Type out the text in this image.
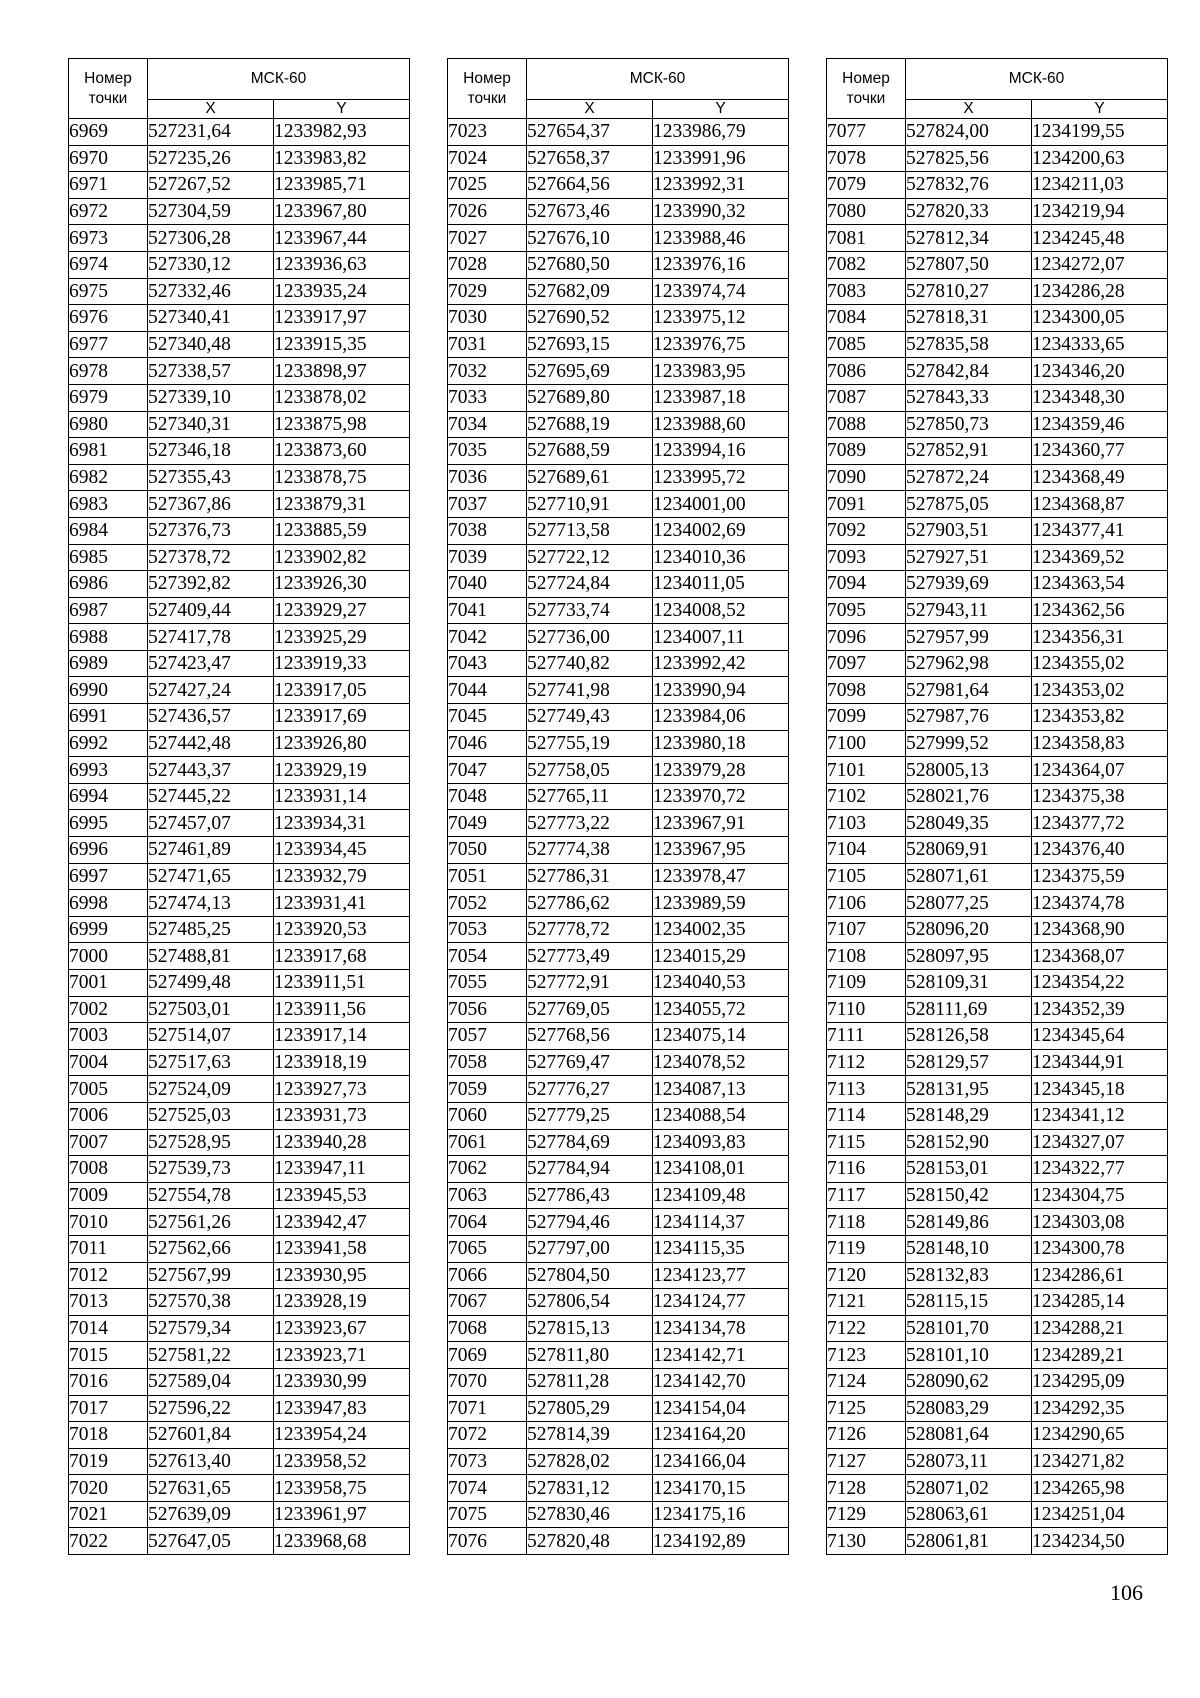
Номер точки	МСК-60	
	X	Y
6969	527231,64	1233982,93
6970	527235,26	1233983,82
6971	527267,52	1233985,71
6972	527304,59	1233967,80
6973	527306,28	1233967,44
6974	527330,12	1233936,63
6975	527332,46	1233935,24
6976	527340,41	1233917,97
6977	527340,48	1233915,35
6978	527338,57	1233898,97
6979	527339,10	1233878,02
6980	527340,31	1233875,98
6981	527346,18	1233873,60
6982	527355,43	1233878,75
6983	527367,86	1233879,31
6984	527376,73	1233885,59
6985	527378,72	1233902,82
6986	527392,82	1233926,30
6987	527409,44	1233929,27
6988	527417,78	1233925,29
6989	527423,47	1233919,33
6990	527427,24	1233917,05
6991	527436,57	1233917,69
6992	527442,48	1233926,80
6993	527443,37	1233929,19
6994	527445,22	1233931,14
6995	527457,07	1233934,31
6996	527461,89	1233934,45
6997	527471,65	1233932,79
6998	527474,13	1233931,41
6999	527485,25	1233920,53
7000	527488,81	1233917,68
7001	527499,48	1233911,51
7002	527503,01	1233911,56
7003	527514,07	1233917,14
7004	527517,63	1233918,19
7005	527524,09	1233927,73
7006	527525,03	1233931,73
7007	527528,95	1233940,28
7008	527539,73	1233947,11
7009	527554,78	1233945,53
7010	527561,26	1233942,47
7011	527562,66	1233941,58
7012	527567,99	1233930,95
7013	527570,38	1233928,19
7014	527579,34	1233923,67
7015	527581,22	1233923,71
7016	527589,04	1233930,99
7017	527596,22	1233947,83
7018	527601,84	1233954,24
7019	527613,40	1233958,52
7020	527631,65	1233958,75
7021	527639,09	1233961,97
7022	527647,05	1233968,68
Номер точки	МСК-60	
	X	Y
7023	527654,37	1233986,79
7024	527658,37	1233991,96
7025	527664,56	1233992,31
7026	527673,46	1233990,32
7027	527676,10	1233988,46
7028	527680,50	1233976,16
7029	527682,09	1233974,74
7030	527690,52	1233975,12
7031	527693,15	1233976,75
7032	527695,69	1233983,95
7033	527689,80	1233987,18
7034	527688,19	1233988,60
7035	527688,59	1233994,16
7036	527689,61	1233995,72
7037	527710,91	1234001,00
7038	527713,58	1234002,69
7039	527722,12	1234010,36
7040	527724,84	1234011,05
7041	527733,74	1234008,52
7042	527736,00	1234007,11
7043	527740,82	1233992,42
7044	527741,98	1233990,94
7045	527749,43	1233984,06
7046	527755,19	1233980,18
7047	527758,05	1233979,28
7048	527765,11	1233970,72
7049	527773,22	1233967,91
7050	527774,38	1233967,95
7051	527786,31	1233978,47
7052	527786,62	1233989,59
7053	527778,72	1234002,35
7054	527773,49	1234015,29
7055	527772,91	1234040,53
7056	527769,05	1234055,72
7057	527768,56	1234075,14
7058	527769,47	1234078,52
7059	527776,27	1234087,13
7060	527779,25	1234088,54
7061	527784,69	1234093,83
7062	527784,94	1234108,01
7063	527786,43	1234109,48
7064	527794,46	1234114,37
7065	527797,00	1234115,35
7066	527804,50	1234123,77
7067	527806,54	1234124,77
7068	527815,13	1234134,78
7069	527811,80	1234142,71
7070	527811,28	1234142,70
7071	527805,29	1234154,04
7072	527814,39	1234164,20
7073	527828,02	1234166,04
7074	527831,12	1234170,15
7075	527830,46	1234175,16
7076	527820,48	1234192,89
Номер точки	МСК-60	
	X	Y
7077	527824,00	1234199,55
7078	527825,56	1234200,63
7079	527832,76	1234211,03
7080	527820,33	1234219,94
7081	527812,34	1234245,48
7082	527807,50	1234272,07
7083	527810,27	1234286,28
7084	527818,31	1234300,05
7085	527835,58	1234333,65
7086	527842,84	1234346,20
7087	527843,33	1234348,30
7088	527850,73	1234359,46
7089	527852,91	1234360,77
7090	527872,24	1234368,49
7091	527875,05	1234368,87
7092	527903,51	1234377,41
7093	527927,51	1234369,52
7094	527939,69	1234363,54
7095	527943,11	1234362,56
7096	527957,99	1234356,31
7097	527962,98	1234355,02
7098	527981,64	1234353,02
7099	527987,76	1234353,82
7100	527999,52	1234358,83
7101	528005,13	1234364,07
7102	528021,76	1234375,38
7103	528049,35	1234377,72
7104	528069,91	1234376,40
7105	528071,61	1234375,59
7106	528077,25	1234374,78
7107	528096,20	1234368,90
7108	528097,95	1234368,07
7109	528109,31	1234354,22
7110	528111,69	1234352,39
7111	528126,58	1234345,64
7112	528129,57	1234344,91
7113	528131,95	1234345,18
7114	528148,29	1234341,12
7115	528152,90	1234327,07
7116	528153,01	1234322,77
7117	528150,42	1234304,75
7118	528149,86	1234303,08
7119	528148,10	1234300,78
7120	528132,83	1234286,61
7121	528115,15	1234285,14
7122	528101,70	1234288,21
7123	528101,10	1234289,21
7124	528090,62	1234295,09
7125	528083,29	1234292,35
7126	528081,64	1234290,65
7127	528073,11	1234271,82
7128	528071,02	1234265,98
7129	528063,61	1234251,04
7130	528061,81	1234234,50
106
